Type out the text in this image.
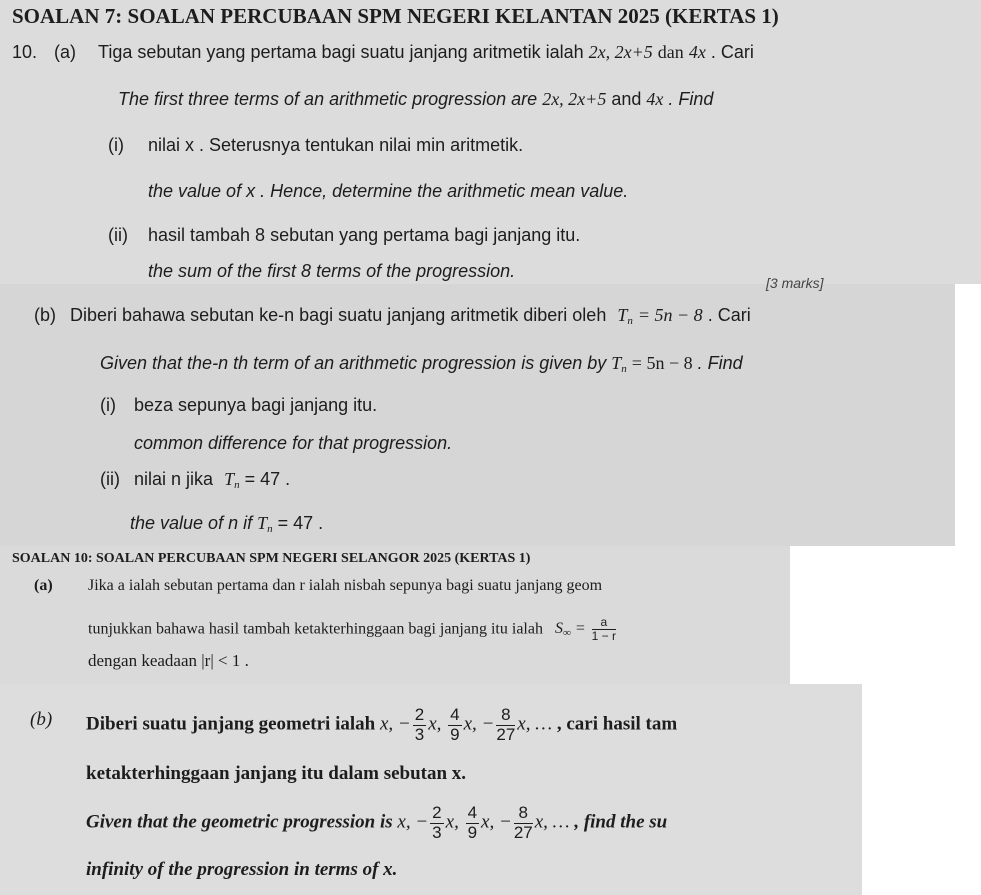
SOALAN 7: SOALAN PERCUBAAN SPM NEGERI KELANTAN 2025 (KERTAS 1)
10. (a) Tiga sebutan yang pertama bagi suatu janjang aritmetik ialah 2x, 2x+5 dan 4x . Cari
The first three terms of an arithmetic progression are 2x, 2x+5 and 4x . Find
(i) nilai x . Seterusnya tentukan nilai min aritmetik.
the value of x . Hence, determine the arithmetic mean value.
(ii) hasil tambah 8 sebutan yang pertama bagi janjang itu.
the sum of the first 8 terms of the progression.
[3 marks]
(b) Diberi bahawa sebutan ke-n bagi suatu janjang aritmetik diberi oleh $T_n = 5n - 8$ . Cari
Given that the-n th term of an arithmetic progression is given by $T_n = 5n - 8$ . Find
(i) beza sepunya bagi janjang itu.
common difference for that progression.
(ii) nilai n jika $T_n = 47$ .
the value of n if $T_n = 47$ .
SOALAN 10: SOALAN PERCUBAAN SPM NEGERI SELANGOR 2025 (KERTAS 1)
(a) Jika a ialah sebutan pertama dan r ialah nisbah sepunya bagi suatu janjang geom
tunjukkan bahawa hasil tambah ketakterhinggaan bagi janjang itu ialah $S_\infty = \frac{a}{1 - r}$
dengan keadaan |r| < 1 .
(b) Diberi suatu janjang geometri ialah x, − $\frac{2}{3} x$, $\frac{4}{9} x$, − $\frac{8}{27} x$, … , cari hasil tam
ketakterhinggaan janjang itu dalam sebutan x.
Given that the geometric progression is x, − $\frac{2}{3} x$, $\frac{4}{9} x$, − $\frac{8}{27} x$, … , find the su
infinity of the progression in terms of x.
